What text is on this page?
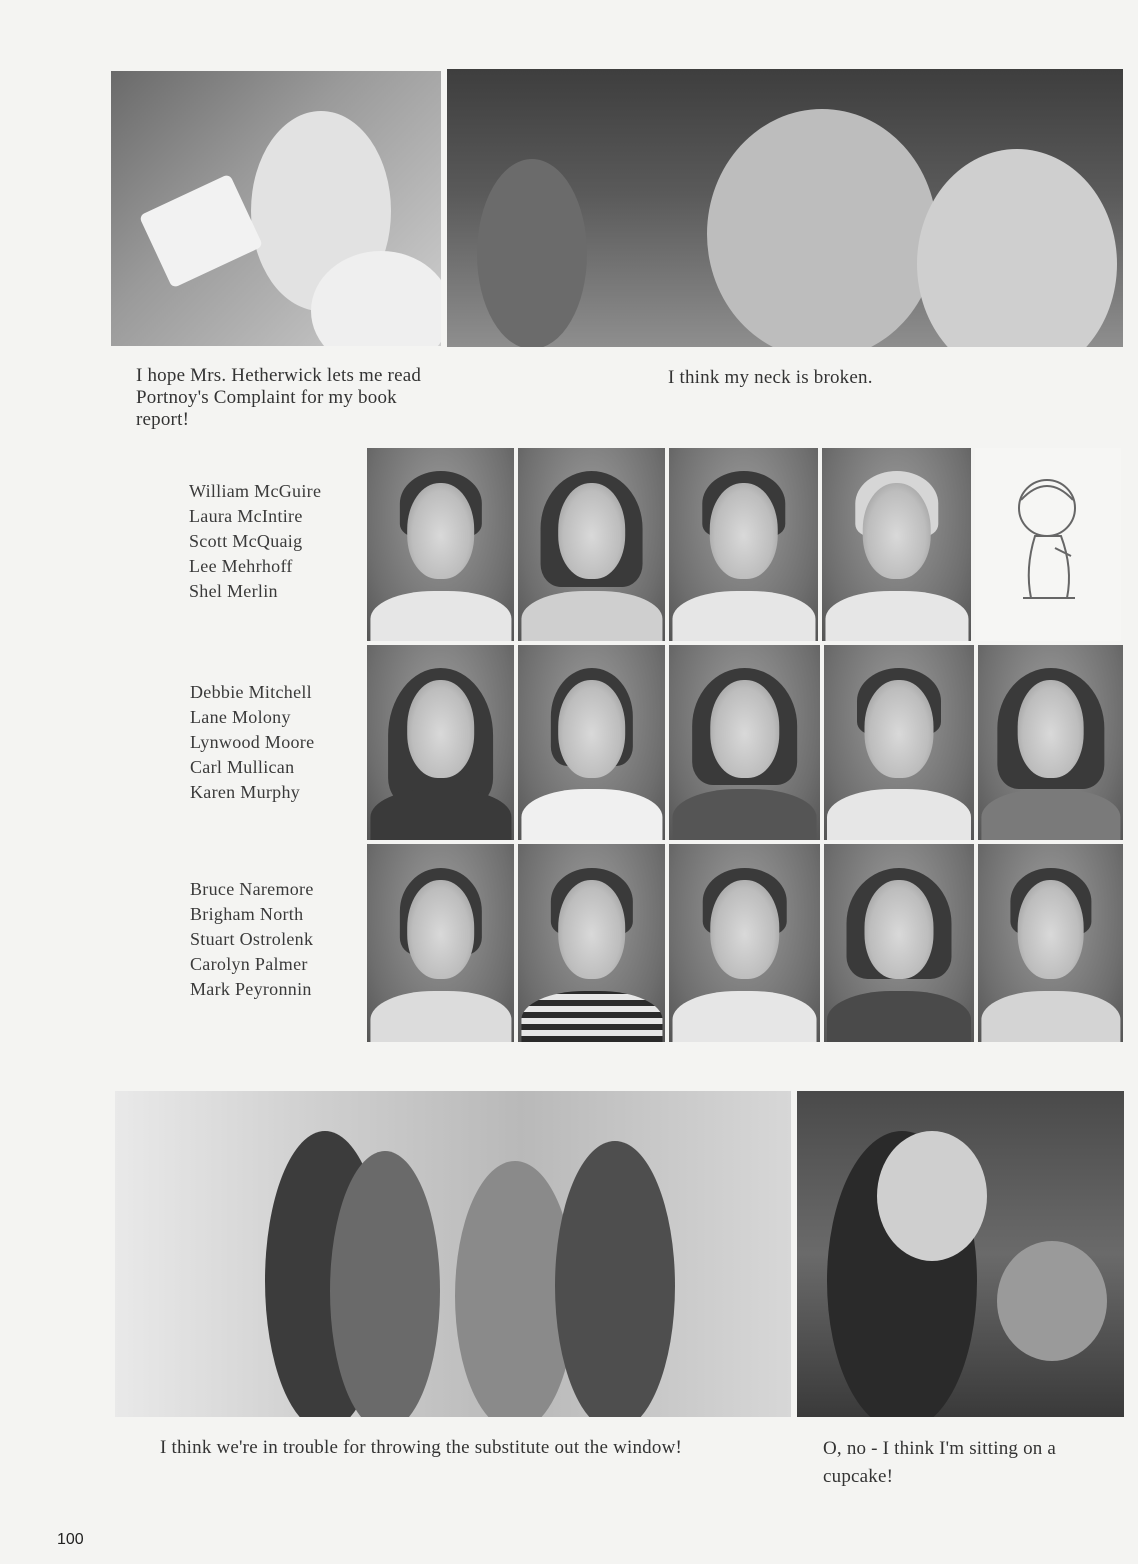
I hope Mrs. Hetherwick lets me read Portnoy's Complaint for my book report!
I think my neck is broken.
William McGuire
Laura McIntire
Scott McQuaig
Lee Mehrhoff
Shel Merlin
Debbie Mitchell
Lane Molony
Lynwood Moore
Carl Mullican
Karen Murphy
Bruce Naremore
Brigham North
Stuart Ostrolenk
Carolyn Palmer
Mark Peyronnin
I think we're in trouble for throwing the substitute out the window!	O, no - I think I'm sitting on a cupcake!
100
